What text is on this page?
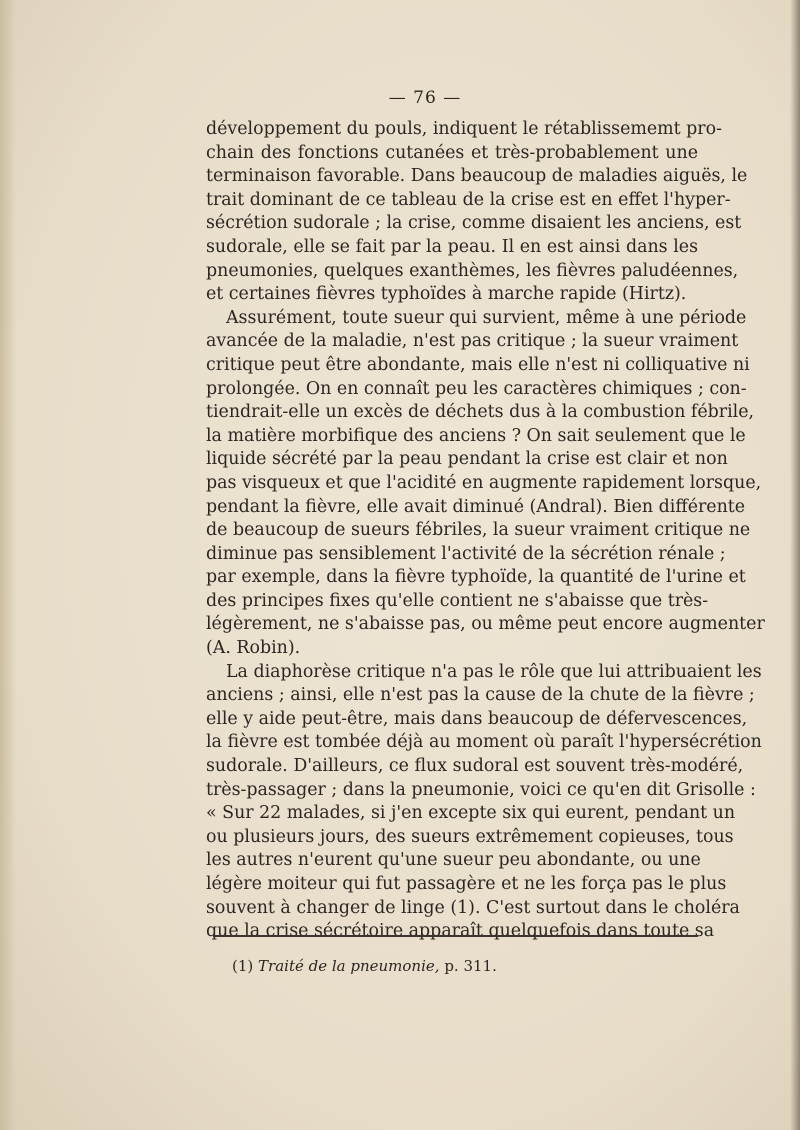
— 76 —
développement du pouls, indiquent le rétablissememt pro-
chain des fonctions cutanées et très-probablement une
terminaison favorable. Dans beaucoup de maladies aiguës, le
trait dominant de ce tableau de la crise est en effet l'hyper-
sécrétion sudorale ; la crise, comme disaient les anciens, est
sudorale, elle se fait par la peau. Il en est ainsi dans les
pneumonies, quelques exanthèmes, les fièvres paludéennes,
et certaines fièvres typhoïdes à marche rapide (Hirtz).
Assurément, toute sueur qui survient, même à une période
avancée de la maladie, n'est pas critique ; la sueur vraiment
critique peut être abondante, mais elle n'est ni colliquative ni
prolongée. On en connaît peu les caractères chimiques ; con-
tiendrait-elle un excès de déchets dus à la combustion fébrile,
la matière morbifique des anciens ? On sait seulement que le
liquide sécrété par la peau pendant la crise est clair et non
pas visqueux et que l'acidité en augmente rapidement lorsque,
pendant la fièvre, elle avait diminué (Andral). Bien différente
de beaucoup de sueurs fébriles, la sueur vraiment critique ne
diminue pas sensiblement l'activité de la sécrétion rénale ;
par exemple, dans la fièvre typhoïde, la quantité de l'urine et
des principes fixes qu'elle contient ne s'abaisse que très-
légèrement, ne s'abaisse pas, ou même peut encore augmenter
(A. Robin).
La diaphorèse critique n'a pas le rôle que lui attribuaient les
anciens ; ainsi, elle n'est pas la cause de la chute de la fièvre ;
elle y aide peut-être, mais dans beaucoup de défervescences,
la fièvre est tombée déjà au moment où paraît l'hypersécrétion
sudorale. D'ailleurs, ce flux sudoral est souvent très-modéré,
très-passager ; dans la pneumonie, voici ce qu'en dit Grisolle :
« Sur 22 malades, si j'en excepte six qui eurent, pendant un
ou plusieurs jours, des sueurs extrêmement copieuses, tous
les autres n'eurent qu'une sueur peu abondante, ou une
légère moiteur qui fut passagère et ne les força pas le plus
souvent à changer de linge (1). C'est surtout dans le choléra
que la crise sécrétoire apparaît quelquefois dans toute sa
(1) Traité de la pneumonie, p. 311.
